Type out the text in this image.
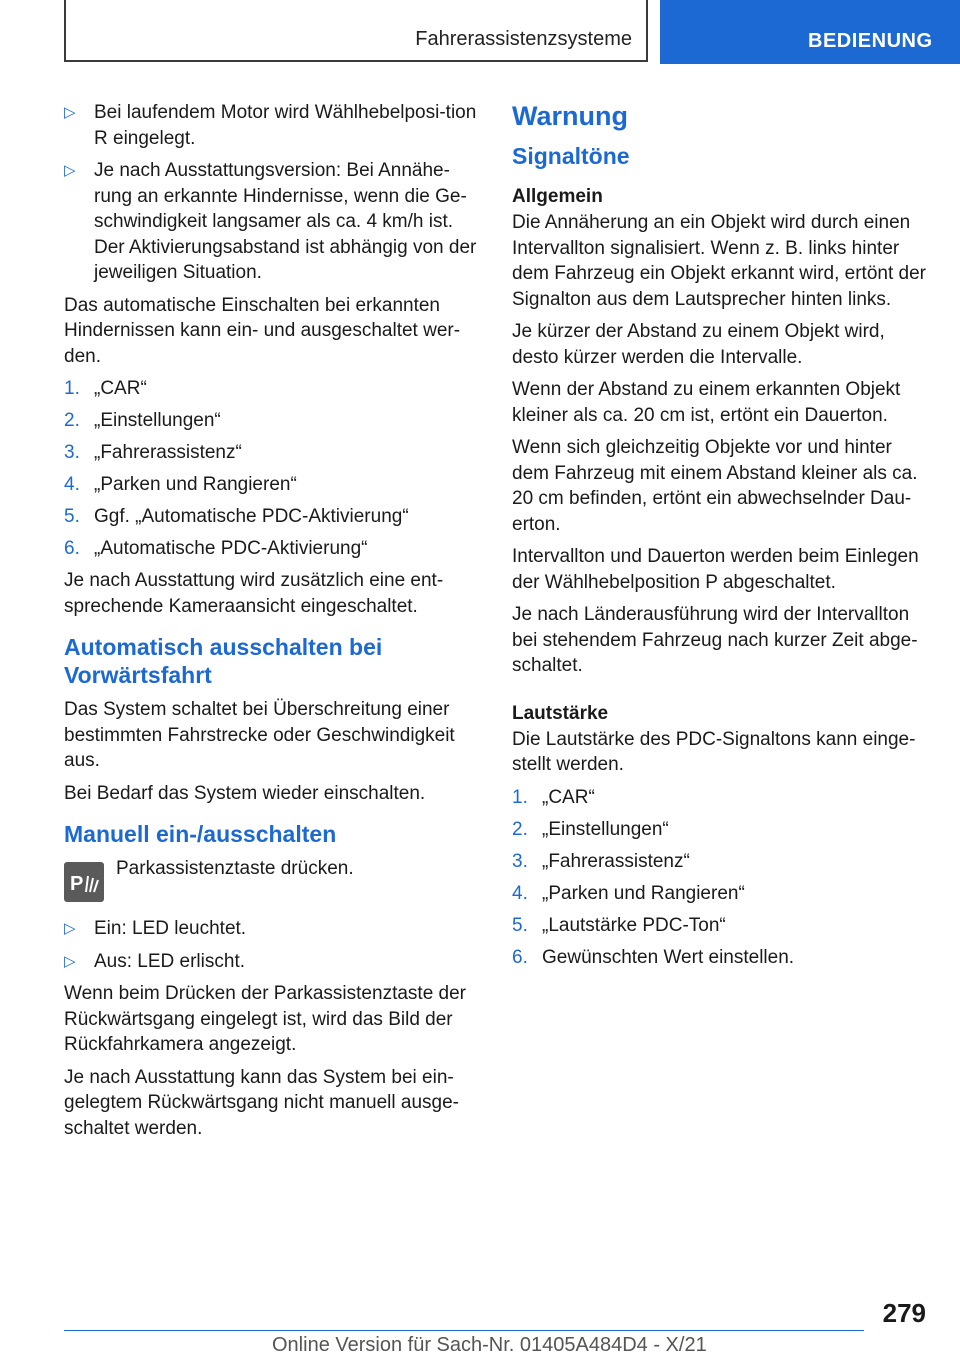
Fahrerassistenzsysteme	BEDIENUNG
▷ Bei laufendem Motor wird Wählhebelposi-tion R eingelegt.
▷ Je nach Ausstattungsversion: Bei Annähe-rung an erkannte Hindernisse, wenn die Ge-schwindigkeit langsamer als ca. 4 km/h ist. Der Aktivierungsabstand ist abhängig von der jeweiligen Situation.

Das automatische Einschalten bei erkannten Hindernissen kann ein- und ausgeschaltet wer-den.

1. „CAR“
2. „Einstellungen“
3. „Fahrerassistenz“
4. „Parken und Rangieren“
5. Ggf. „Automatische PDC-Aktivierung“
6. „Automatische PDC-Aktivierung“

Je nach Ausstattung wird zusätzlich eine ent-sprechende Kameraansicht eingeschaltet.

Automatisch ausschalten bei Vorwärtsfahrt

Das System schaltet bei Überschreitung einer bestimmten Fahrstrecke oder Geschwindigkeit aus.

Bei Bedarf das System wieder einschalten.

Manuell ein-/ausschalten
P
Parkassistenztaste drücken.
▷ Ein: LED leuchtet.
▷ Aus: LED erlischt.

Wenn beim Drücken der Parkassistenztaste der Rückwärtsgang eingelegt ist, wird das Bild der Rückfahrkamera angezeigt.

Je nach Ausstattung kann das System bei ein-gelegtem Rückwärtsgang nicht manuell ausge-schaltet werden.

Warnung
Signaltöne
Allgemein

Die Annäherung an ein Objekt wird durch einen Intervallton signalisiert. Wenn z. B. links hinter dem Fahrzeug ein Objekt erkannt wird, ertönt der Signalton aus dem Lautsprecher hinten links.

Je kürzer der Abstand zu einem Objekt wird, desto kürzer werden die Intervalle.

Wenn der Abstand zu einem erkannten Objekt kleiner als ca. 20 cm ist, ertönt ein Dauerton.

Wenn sich gleichzeitig Objekte vor und hinter dem Fahrzeug mit einem Abstand kleiner als ca. 20 cm befinden, ertönt ein abwechselnder Dau-erton.

Intervallton und Dauerton werden beim Einlegen der Wählhebelposition P abgeschaltet.

Je nach Länderausführung wird der Intervallton bei stehendem Fahrzeug nach kurzer Zeit abge-schaltet.

Lautstärke

Die Lautstärke des PDC-Signaltons kann einge-stellt werden.

1. „CAR“
2. „Einstellungen“
3. „Fahrerassistenz“
4. „Parken und Rangieren“
5. „Lautstärke PDC-Ton“
6. Gewünschten Wert einstellen.
279
Online Version für Sach-Nr. 01405A484D4 - X/21
